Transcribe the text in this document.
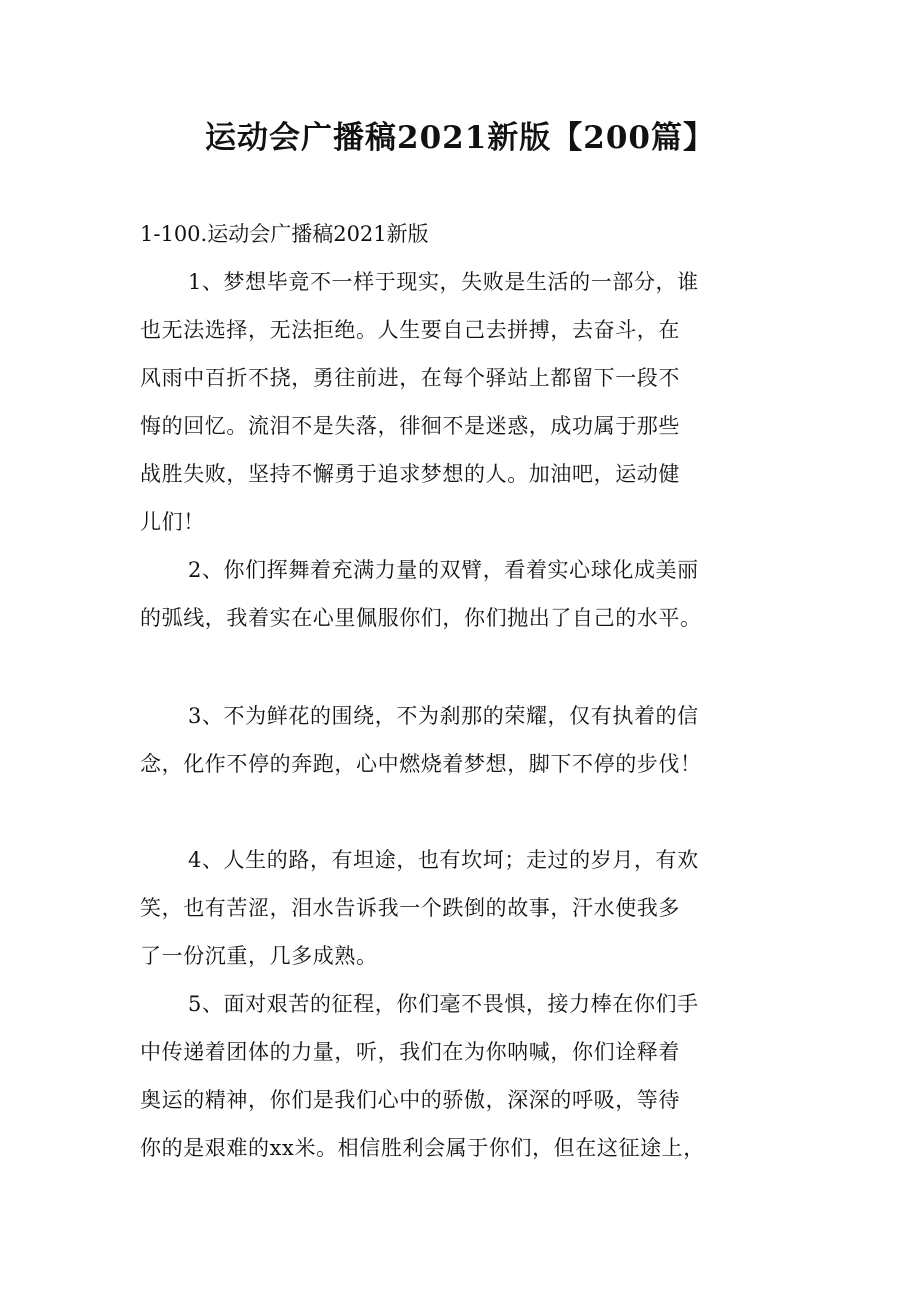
运动会广播稿2021新版【200篇】

1-100.运动会广播稿2021新版

1、梦想毕竟不一样于现实，失败是生活的一部分，谁
也无法选择，无法拒绝。人生要自己去拼搏，去奋斗，在
风雨中百折不挠，勇往前进，在每个驿站上都留下一段不
悔的回忆。流泪不是失落，徘徊不是迷惑，成功属于那些
战胜失败，坚持不懈勇于追求梦想的人。加油吧，运动健
儿们！
2、你们挥舞着充满力量的双臂，看着实心球化成美丽
的弧线，我着实在心里佩服你们，你们抛出了自己的水平。
3、不为鲜花的围绕，不为刹那的荣耀，仅有执着的信
念，化作不停的奔跑，心中燃烧着梦想，脚下不停的步伐！
4、人生的路，有坦途，也有坎坷；走过的岁月，有欢
笑，也有苦涩，泪水告诉我一个跌倒的故事，汗水使我多
了一份沉重，几多成熟。
5、面对艰苦的征程，你们毫不畏惧，接力棒在你们手
中传递着团体的力量，听，我们在为你呐喊，你们诠释着
奥运的精神，你们是我们心中的骄傲，深深的呼吸，等待
你的是艰难的xx米。相信胜利会属于你们，但在这征途上，
